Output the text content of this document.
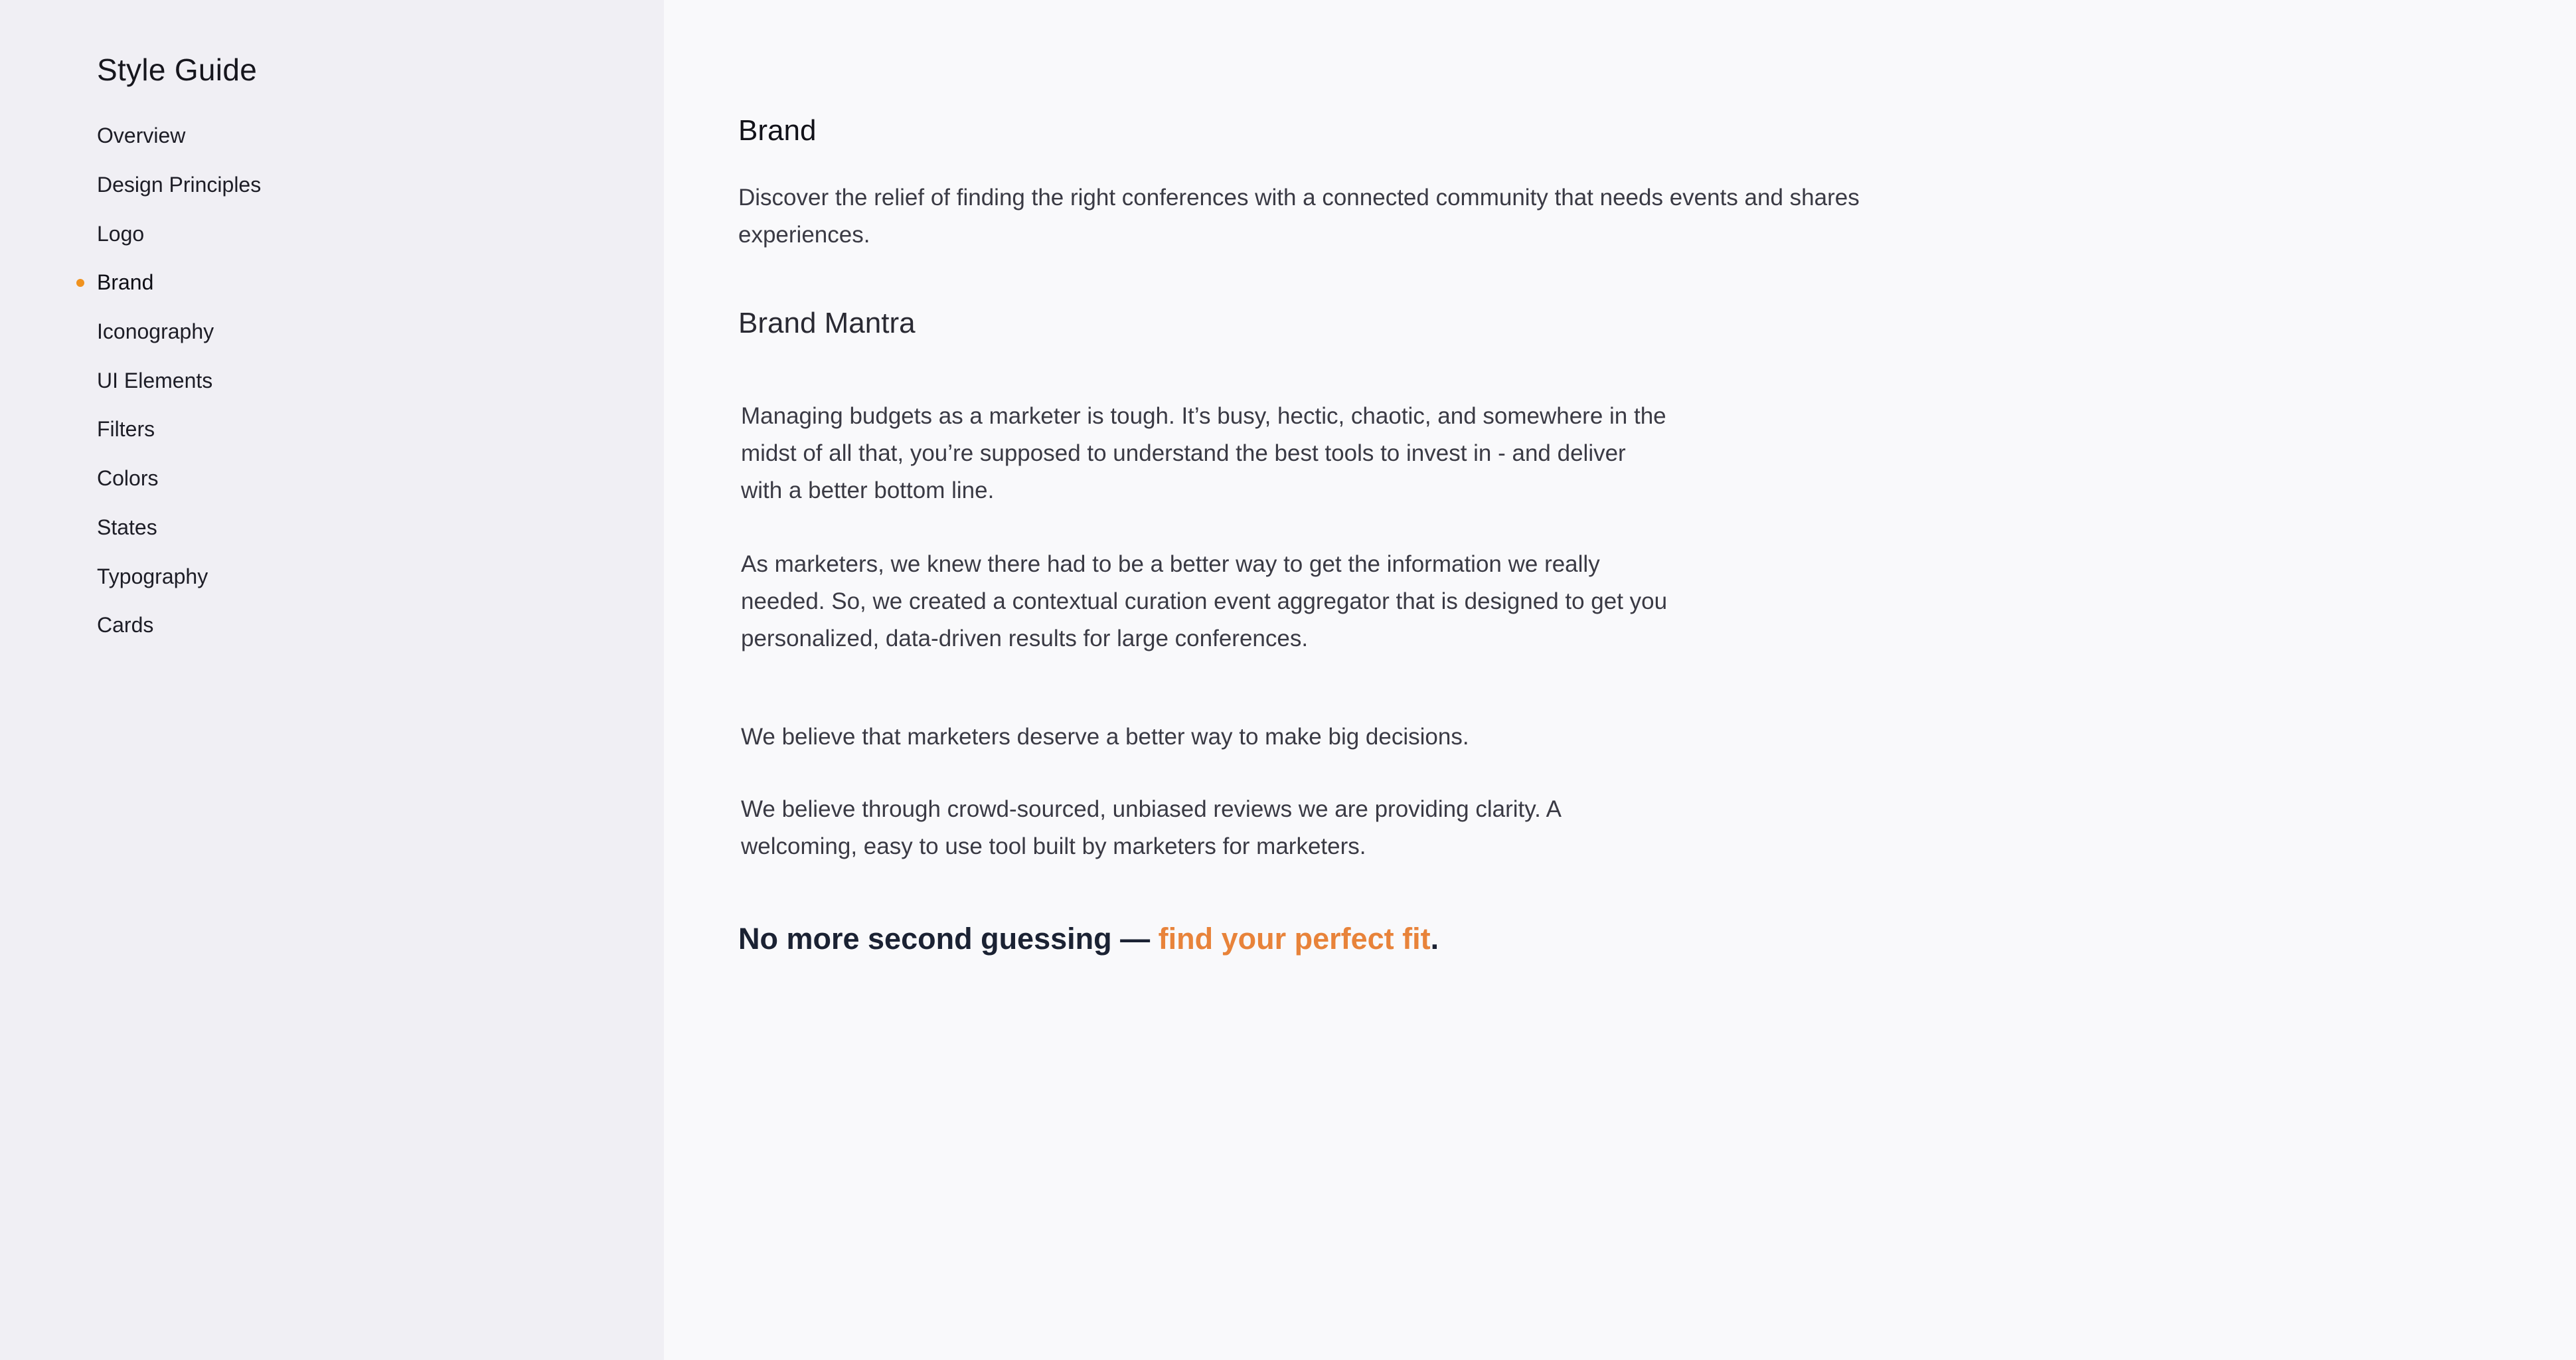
Style Guide
Overview
Design Principles
Logo
Brand
Iconography
UI Elements
Filters
Colors
States
Typography
Cards
Brand

Discover the relief of finding the right conferences with a connected community that needs events and shares experiences.

Brand Mantra

Managing budgets as a marketer is tough. It’s busy, hectic, chaotic, and somewhere in the midst of all that, you’re supposed to understand the best tools to invest in - and deliver with a better bottom line.

As marketers, we knew there had to be a better way to get the information we really needed. So, we created a contextual curation event aggregator that is designed to get you personalized, data-driven results for large conferences.

We believe that marketers deserve a better way to make big decisions.

We believe through crowd-sourced, unbiased reviews we are providing clarity. A welcoming, easy to use tool built by marketers for marketers.

No more second guessing — find your perfect fit.
